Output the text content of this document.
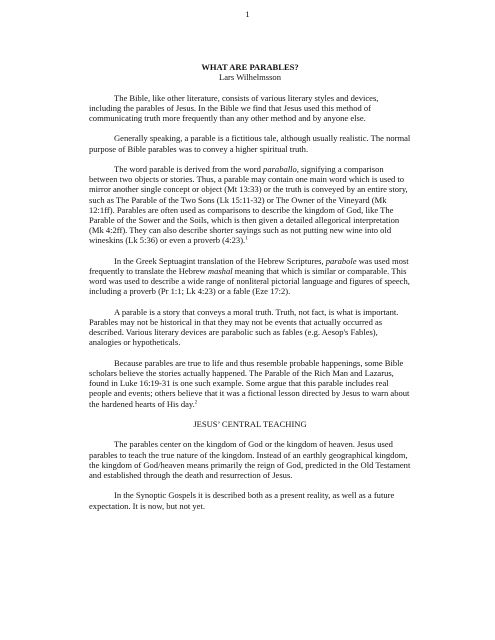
1

WHAT ARE PARABLES?

Lars Wilhelmsson

The Bible, like other literature, consists of various literary styles and devices, including the parables of Jesus. In the Bible we find that Jesus used this method of communicating truth more frequently than any other method and by anyone else.

Generally speaking, a parable is a fictitious tale, although usually realistic. The normal purpose of Bible parables was to convey a higher spiritual truth.

The word parable is derived from the word paraballo, signifying a comparison between two objects or stories. Thus, a parable may contain one main word which is used to mirror another single concept or object (Mt 13:33) or the truth is conveyed by an entire story, such as The Parable of the Two Sons (Lk 15:11-32) or The Owner of the Vineyard (Mk 12:1ff). Parables are often used as comparisons to describe the kingdom of God, like The Parable of the Sower and the Soils, which is then given a detailed allegorical interpretation (Mk 4:2ff). They can also describe shorter sayings such as not putting new wine into old wineskins (Lk 5:36) or even a proverb (4:23).$^1$

In the Greek Septuagint translation of the Hebrew Scriptures, parabole was used most frequently to translate the Hebrew mashal meaning that which is similar or comparable. This word was used to describe a wide range of nonliteral pictorial language and figures of speech, including a proverb (Pr 1:1; Lk 4:23) or a fable (Eze 17:2).

A parable is a story that conveys a moral truth. Truth, not fact, is what is important. Parables may not be historical in that they may not be events that actually occurred as described. Various literary devices are parabolic such as fables (e.g. Aesop's Fables), analogies or hypotheticals.

Because parables are true to life and thus resemble probable happenings, some Bible scholars believe the stories actually happened. The Parable of the Rich Man and Lazarus, found in Luke 16:19-31 is one such example. Some argue that this parable includes real people and events; others believe that it was a fictional lesson directed by Jesus to warn about the hardened hearts of His day.$^2$

JESUS’ CENTRAL TEACHING

The parables center on the kingdom of God or the kingdom of heaven. Jesus used parables to teach the true nature of the kingdom. Instead of an earthly geographical kingdom, the kingdom of God/heaven means primarily the reign of God, predicted in the Old Testament and established through the death and resurrection of Jesus.

In the Synoptic Gospels it is described both as a present reality, as well as a future expectation. It is now, but not yet.
